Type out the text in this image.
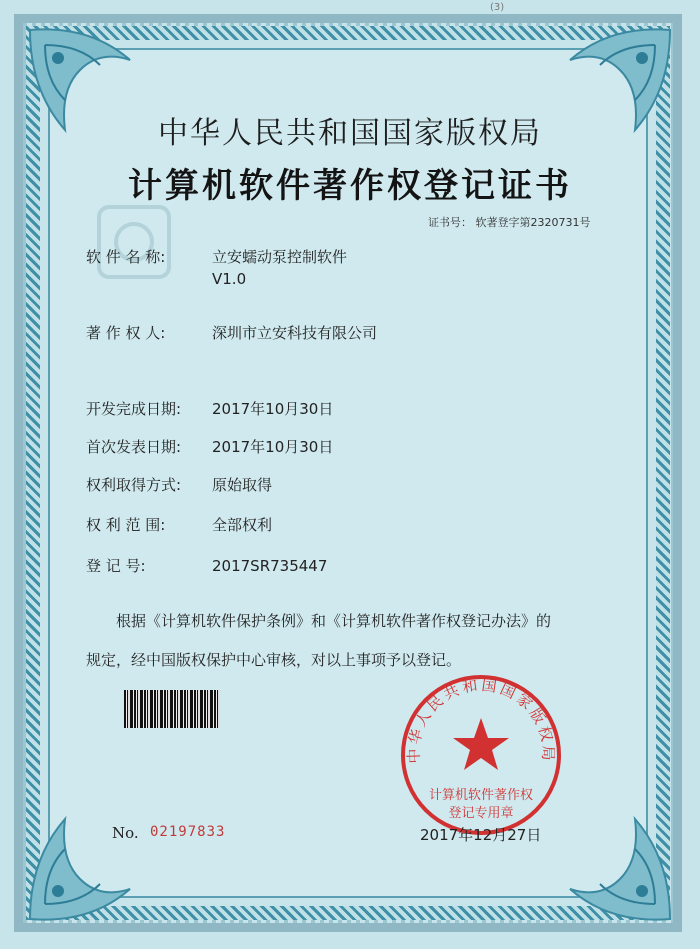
(3)
中华人民共和国国家版权局
计算机软件著作权登记证书
证书号： 软著登字第2320731号
软 件 名 称:	立安蠕动泵控制软件
V1.0
著 作 权 人:	深圳市立安科技有限公司
开发完成日期: 2017年10月30日
首次发表日期: 2017年10月30日
权利取得方式: 原始取得
权 利 范 围:	全部权利
登 记 号:	2017SR735447
根据《计算机软件保护条例》和《计算机软件著作权登记办法》的
规定，经中国版权保护中心审核，对以上事项予以登记。
中华人民共和国国家版权局
计算机软件著作权
登记专用章
No. 02197833	2017年12月27日
